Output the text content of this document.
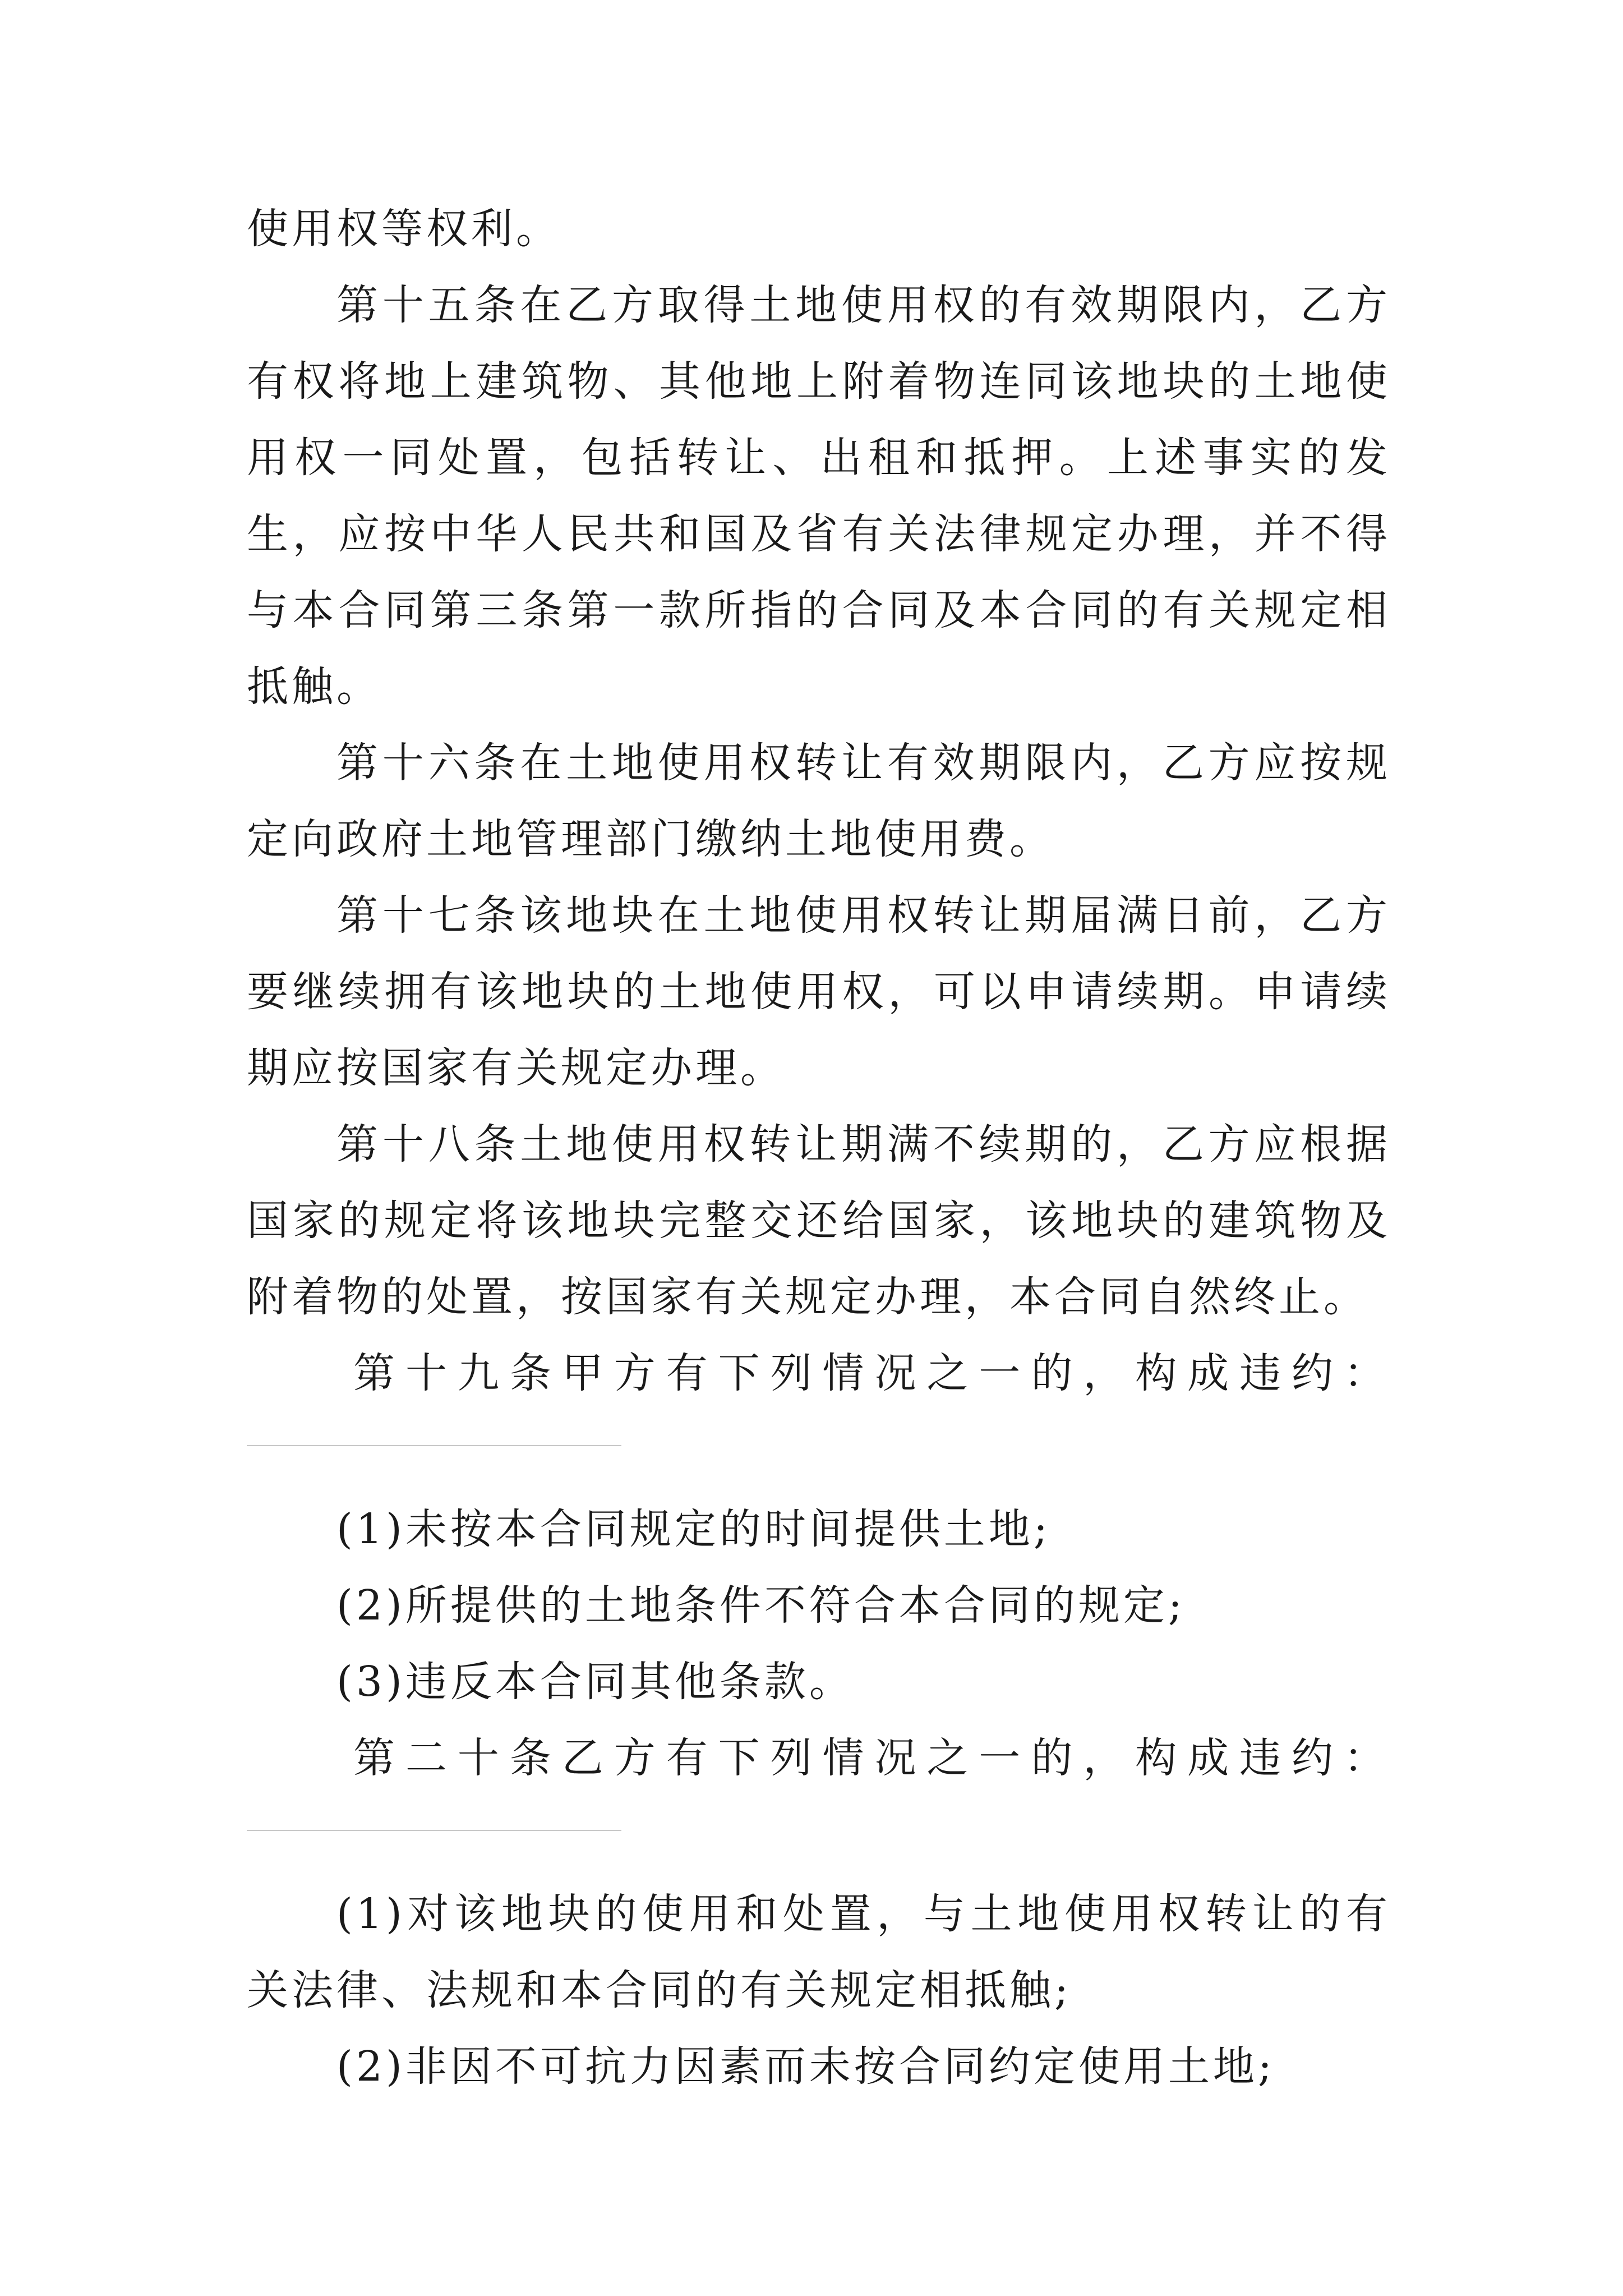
使用权等权利。

第十五条在乙方取得土地使用权的有效期限内，乙方有权将地上建筑物、其他地上附着物连同该地块的土地使用权一同处置，包括转让、出租和抵押。上述事实的发生，应按中华人民共和国及省有关法律规定办理，并不得与本合同第三条第一款所指的合同及本合同的有关规定相抵触。

第十六条在土地使用权转让有效期限内，乙方应按规定向政府土地管理部门缴纳土地使用费。

第十七条该地块在土地使用权转让期届满日前，乙方要继续拥有该地块的土地使用权，可以申请续期。申请续期应按国家有关规定办理。

第十八条土地使用权转让期满不续期的，乙方应根据国家的规定将该地块完整交还给国家，该地块的建筑物及附着物的处置，按国家有关规定办理，本合同自然终止。

第十九条甲方有下列情况之一的，构成违约：

(1)未按本合同规定的时间提供土地;

(2)所提供的土地条件不符合本合同的规定;

(3)违反本合同其他条款。

第二十条乙方有下列情况之一的，构成违约：

(1)对该地块的使用和处置，与土地使用权转让的有关法律、法规和本合同的有关规定相抵触;

(2)非因不可抗力因素而未按合同约定使用土地;
